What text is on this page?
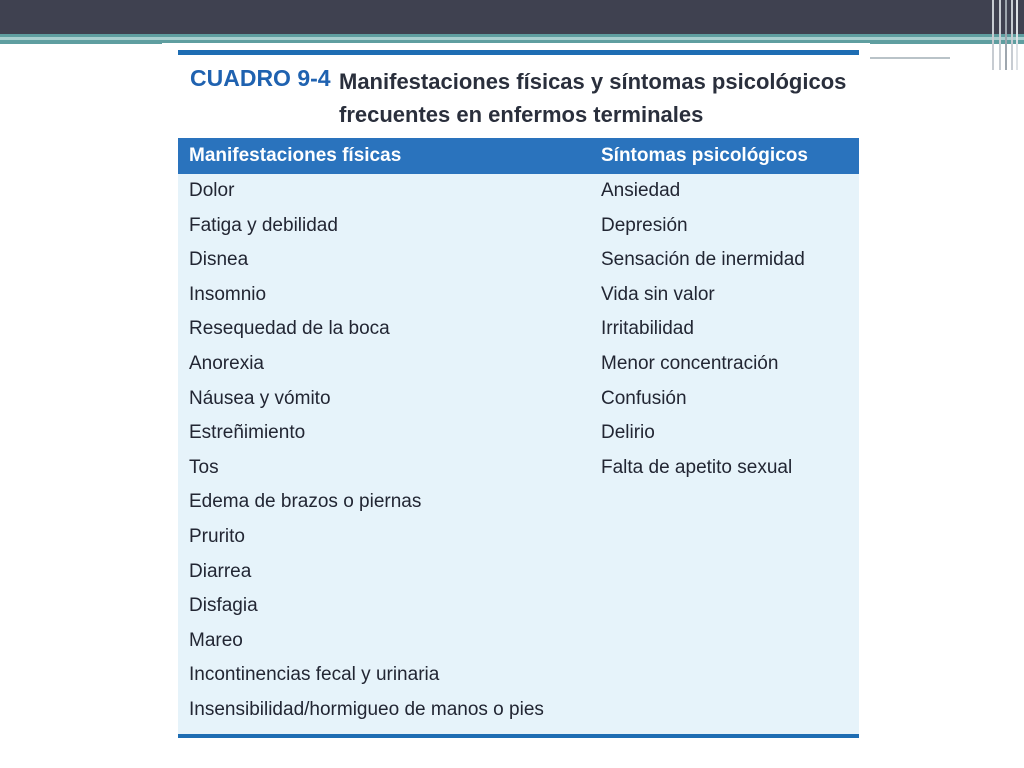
CUADRO 9-4 Manifestaciones físicas y síntomas psicológicos
frecuentes en enfermos terminales
Manifestaciones físicas	Síntomas psicológicos
Dolor
Fatiga y debilidad
Disnea
Insomnio
Resequedad de la boca
Anorexia
Náusea y vómito
Estreñimiento
Tos
Edema de brazos o piernas
Prurito
Diarrea
Disfagia
Mareo
Incontinencias fecal y urinaria
Insensibilidad/hormigueo de manos o pies
Ansiedad
Depresión
Sensación de inermidad
Vida sin valor
Irritabilidad
Menor concentración
Confusión
Delirio
Falta de apetito sexual
